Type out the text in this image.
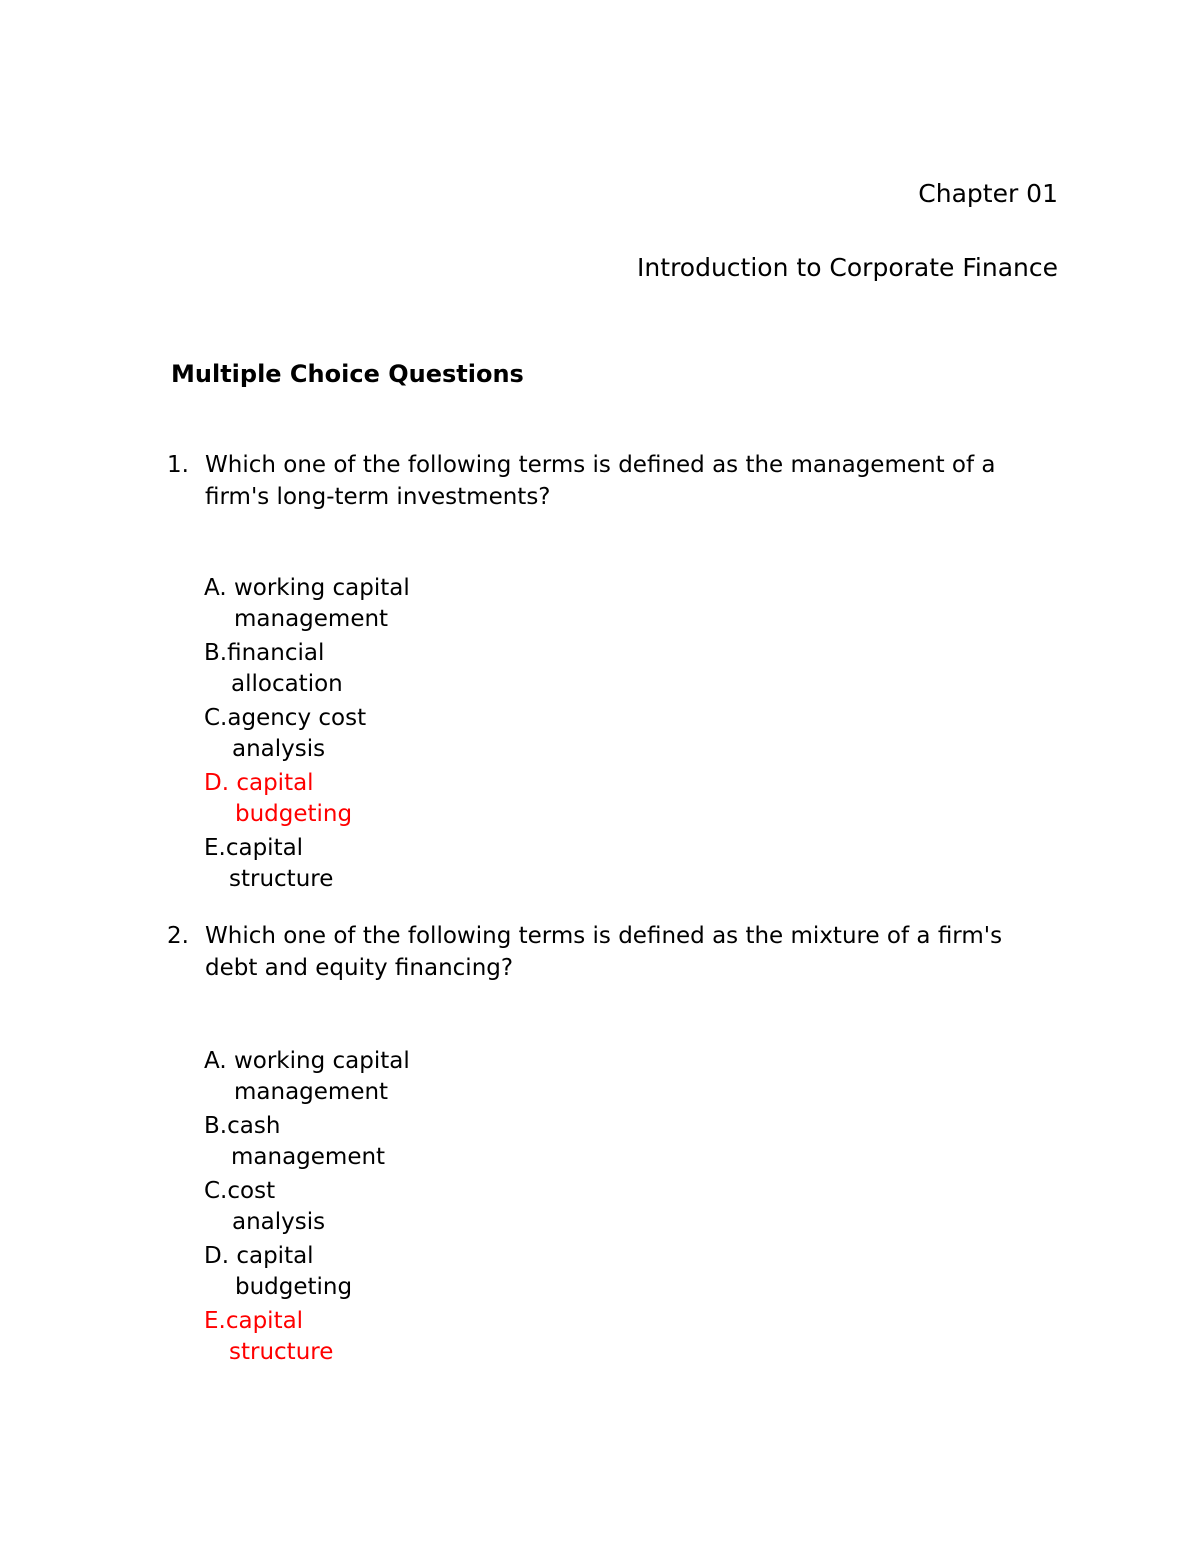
Chapter 01
Introduction to Corporate Finance
Multiple Choice Questions
1. Which one of the following terms is defined as the management of a firm's long-term investments?
A. working capital
management
B.financial
allocation
C.agency cost
analysis
D. capital
budgeting
E.capital
structure
2. Which one of the following terms is defined as the mixture of a firm's debt and equity financing?
A. working capital
management
B.cash
management
C.cost
analysis
D. capital
budgeting
E.capital
structure
